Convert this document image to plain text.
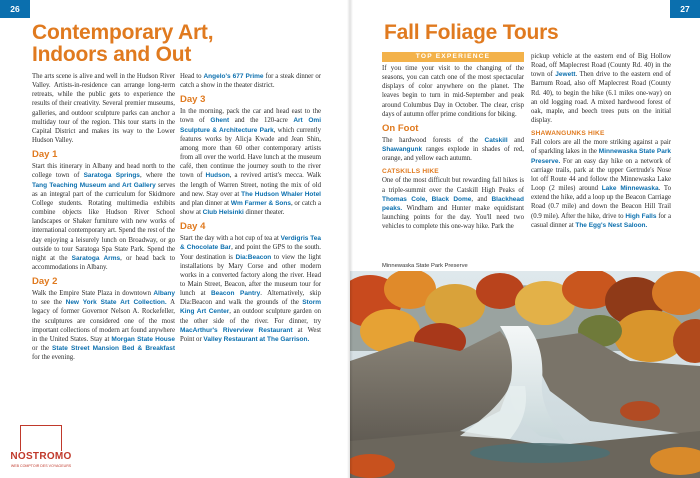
26
Contemporary Art,
Indoors and Out

The arts scene is alive and well in the Hudson River Valley. Artists-in-residence can arrange long-term retreats, while the public gets to experience the results of their creativity. Several premier museums, galleries, and outdoor sculpture parks can anchor a multiday tour of the region. This tour starts in the Capital District and makes its way to the Lower Hudson Valley.

Day 1

Start this itinerary in Albany and head north to the college town of Saratoga Springs, where the Tang Teaching Museum and Art Gallery serves as an integral part of the curriculum for Skidmore College students. Rotating multimedia exhibits combine objects like Hudson River School landscapes or Shaker furniture with new works of international contemporary art. Spend the rest of the day enjoying a leisurely lunch on Broadway, or go outside to tour Saratoga Spa State Park. Spend the night at the Saratoga Arms, or head back to accommodations in Albany.

Day 2

Walk the Empire State Plaza in downtown Albany to see the New York State Art Collection. A legacy of former Governor Nelson A. Rockefeller, the sculptures are considered one of the most important collections of modern art found anywhere in the United States. Stay at Morgan State House or the State Street Mansion Bed & Breakfast for the evening.

Head to Angelo's 677 Prime for a steak dinner or catch a show in the theater district.

Day 3

In the morning, pack the car and head east to the town of Ghent and the 120-acre Art Omi Sculpture & Architecture Park, which currently features works by Alicja Kwade and Jean Shin, among more than 60 other contemporary artists from all over the world. Have lunch at the museum café, then continue the journey south to the river town of Hudson, a revived artist's mecca. Walk the length of Warren Street, noting the mix of old and new. Stay over at The Hudson Whaler Hotel and plan dinner at Wm Farmer & Sons, or catch a show at Club Helsinki dinner theater.

Day 4

Start the day with a hot cup of tea at Verdigris Tea & Chocolate Bar, and point the GPS to the south. Your destination is Dia:Beacon to view the light installations by Mary Corse and other modern works in a converted factory along the river. Head to Main Street, Beacon, after the museum tour for lunch at Beacon Pantry. Alternatively, skip Dia:Beacon and walk the grounds of the Storm King Art Center, an outdoor sculpture garden on the other side of the river. For dinner, try MacArthur's Riverview Restaurant at West Point or Valley Restaurant at The Garrison.

NOSTROMO
WEB COMPTOIR DES VOYAGEURS
27
Fall Foliage Tours
TOP EXPERIENCE

If you time your visit to the changing of the seasons, you can catch one of the most spectacular displays of color anywhere on the planet. The leaves begin to turn in mid-September and peak around Columbus Day in October. The clear, crisp days of autumn offer prime conditions for biking.

On Foot

The hardwood forests of the Catskill and Shawangunk ranges explode in shades of red, orange, and yellow each autumn.

CATSKILLS HIKE

One of the most difficult but rewarding fall hikes is a triple-summit over the Catskill High Peaks of Thomas Cole, Black Dome, and Blackhead peaks. Windham and Hunter make equidistant launching points for the day. You'll need two vehicles to complete this one-way hike. Park the

pickup vehicle at the eastern end of Big Hollow Road, off Maplecrest Road (County Rd. 40) in the town of Jewett. Then drive to the eastern end of Barnum Road, also off Maplecrest Road (County Rd. 40), to begin the hike (6.1 miles one-way) on an old logging road. A mixed hardwood forest of oak, maple, and beech trees puts on the initial display.

SHAWANGUNKS HIKE

Fall colors are all the more striking against a pair of sparkling lakes in the Minnewaska State Park Preserve. For an easy day hike on a network of carriage trails, park at the upper Gertrude's Nose lot off Route 44 and follow the Minnewaska Lake Loop (2 miles) around Lake Minnewaska. To extend the hike, add a loop up the Beacon Carriage Road (0.7 mile) and down the Beacon Hill Trail (0.9 mile). After the hike, drive to High Falls for a casual dinner at The Egg's Nest Saloon.

Minnewaska State Park Preserve
